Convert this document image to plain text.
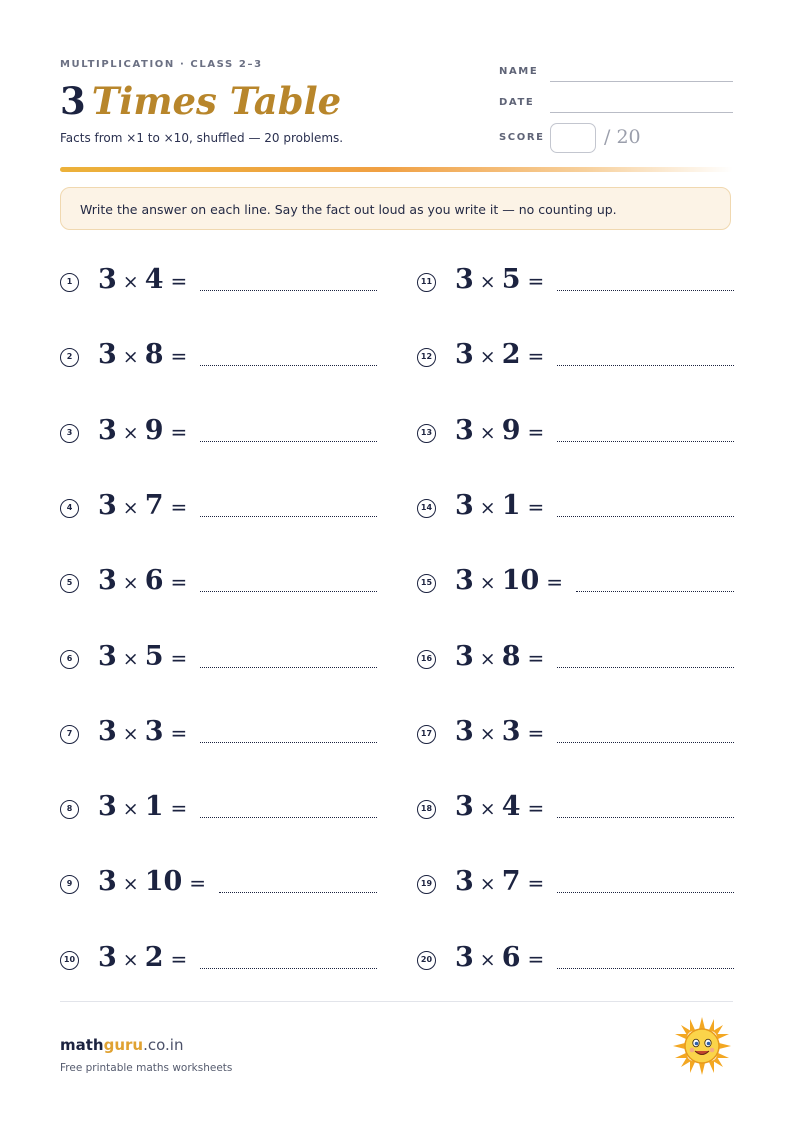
MULTIPLICATION · CLASS 2–3
3 Times Table
Facts from ×1 to ×10, shuffled — 20 problems.
NAME
DATE
SCORE	/ 20
Write the answer on each line. Say the fact out loud as you write it — no counting up.
1 3 × 4 =
2 3 × 8 =
3 3 × 9 =
4 3 × 7 =
5 3 × 6 =
6 3 × 5 =
7 3 × 3 =
8 3 × 1 =
9 3 × 10 =
10 3 × 2 =
11 3 × 5 =
12 3 × 2 =
13 3 × 9 =
14 3 × 1 =
15 3 × 10 =
16 3 × 8 =
17 3 × 3 =
18 3 × 4 =
19 3 × 7 =
20 3 × 6 =
mathguru.co.in
Free printable maths worksheets
